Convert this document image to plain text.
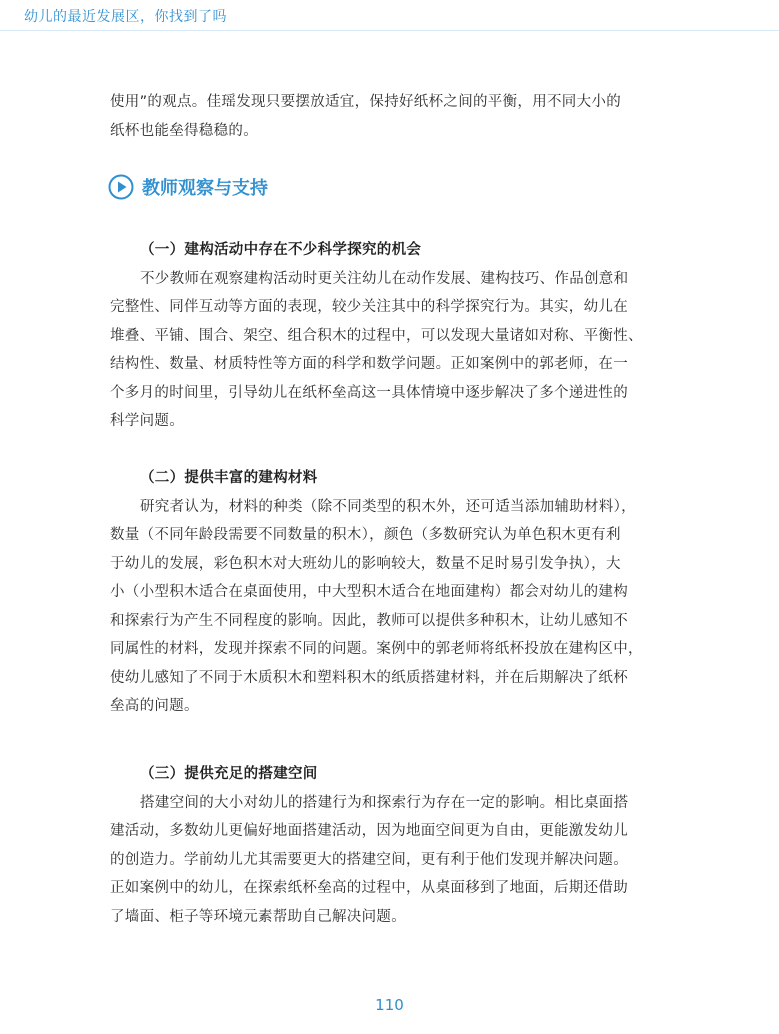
幼儿的最近发展区，你找到了吗
使用”的观点。佳瑶发现只要摆放适宜，保持好纸杯之间的平衡，用不同大小的
纸杯也能垒得稳稳的。
教师观察与支持
（一）建构活动中存在不少科学探究的机会
不少教师在观察建构活动时更关注幼儿在动作发展、建构技巧、作品创意和
完整性、同伴互动等方面的表现，较少关注其中的科学探究行为。其实，幼儿在
堆叠、平铺、围合、架空、组合积木的过程中，可以发现大量诸如对称、平衡性、
结构性、数量、材质特性等方面的科学和数学问题。正如案例中的郭老师，在一
个多月的时间里，引导幼儿在纸杯垒高这一具体情境中逐步解决了多个递进性的
科学问题。
（二）提供丰富的建构材料
研究者认为，材料的种类（除不同类型的积木外，还可适当添加辅助材料），
数量（不同年龄段需要不同数量的积木），颜色（多数研究认为单色积木更有利
于幼儿的发展，彩色积木对大班幼儿的影响较大，数量不足时易引发争执），大
小（小型积木适合在桌面使用，中大型积木适合在地面建构）都会对幼儿的建构
和探索行为产生不同程度的影响。因此，教师可以提供多种积木，让幼儿感知不
同属性的材料，发现并探索不同的问题。案例中的郭老师将纸杯投放在建构区中，
使幼儿感知了不同于木质积木和塑料积木的纸质搭建材料，并在后期解决了纸杯
垒高的问题。
（三）提供充足的搭建空间
搭建空间的大小对幼儿的搭建行为和探索行为存在一定的影响。相比桌面搭
建活动，多数幼儿更偏好地面搭建活动，因为地面空间更为自由，更能激发幼儿
的创造力。学前幼儿尤其需要更大的搭建空间，更有利于他们发现并解决问题。
正如案例中的幼儿，在探索纸杯垒高的过程中，从桌面移到了地面，后期还借助
了墙面、柜子等环境元素帮助自己解决问题。
110
